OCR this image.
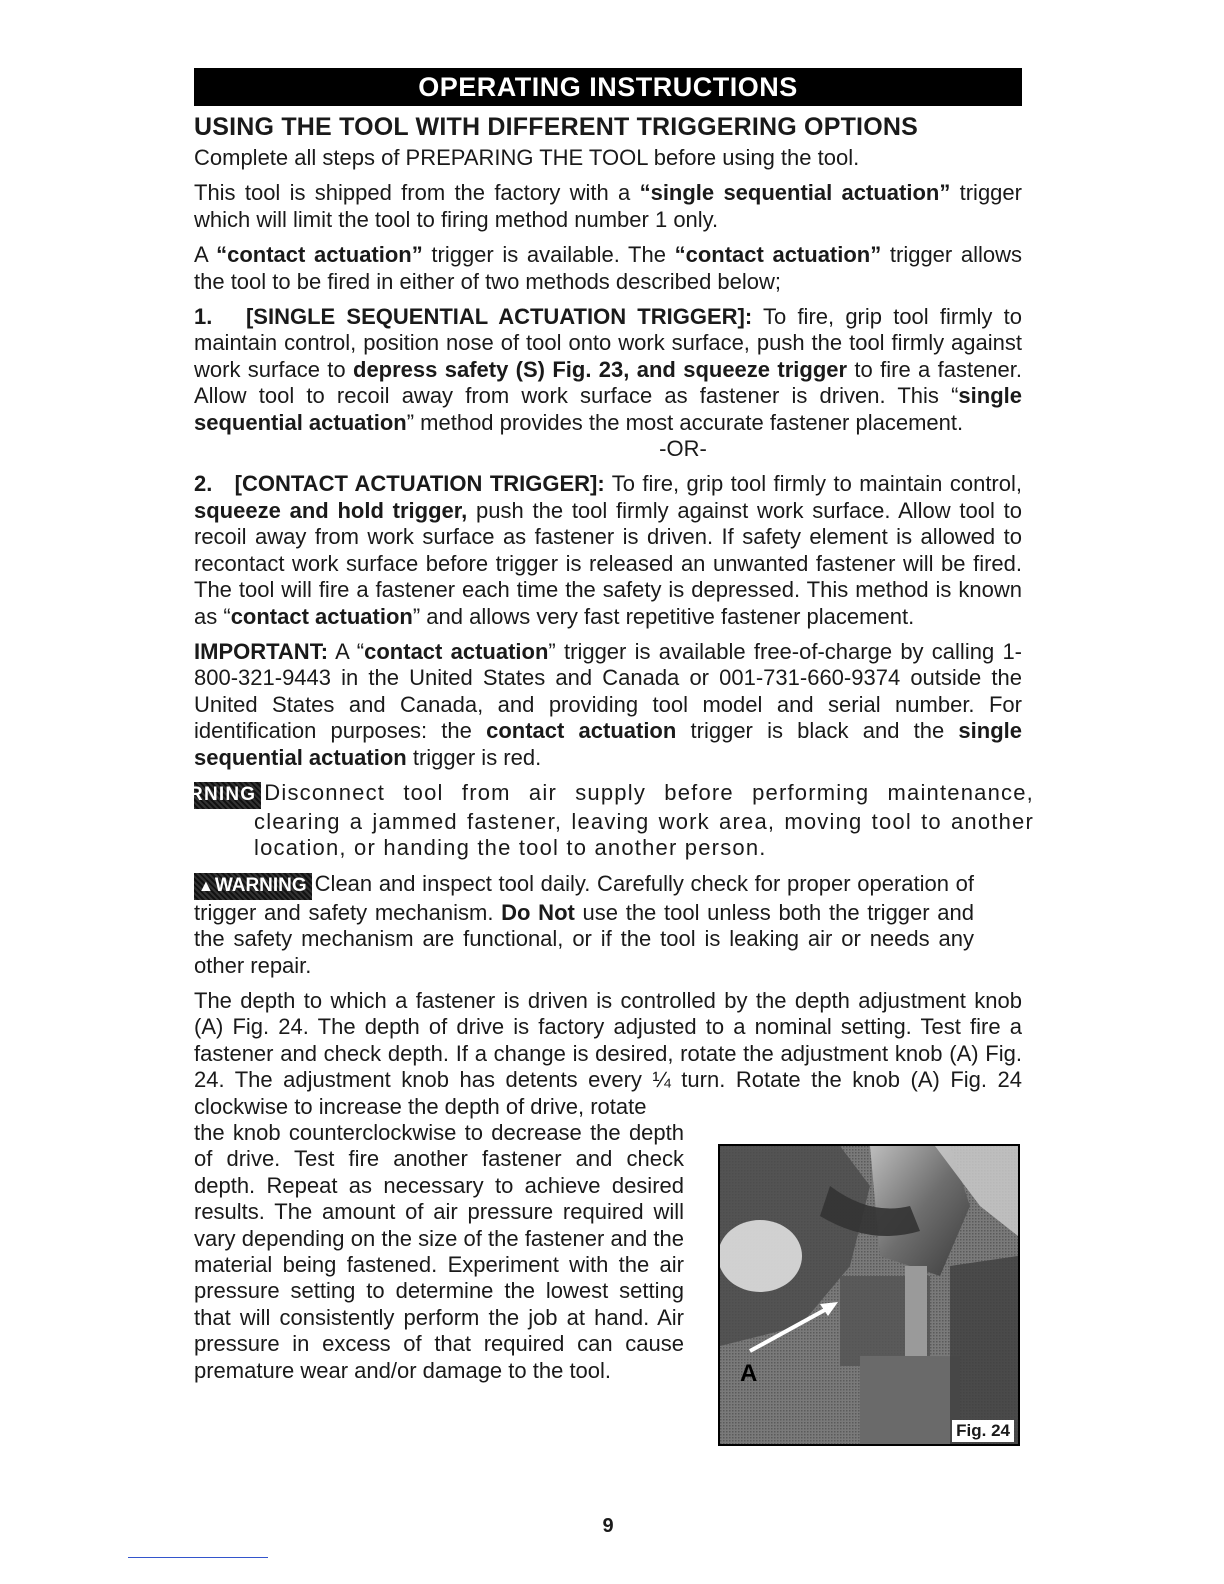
OPERATING INSTRUCTIONS
USING THE TOOL WITH DIFFERENT TRIGGERING OPTIONS

Complete all steps of PREPARING THE TOOL before using the tool.

This tool is shipped from the factory with a “single sequential actuation” trigger which will limit the tool to firing method number 1 only.

A “contact actuation” trigger is available. The “contact actuation” trigger allows the tool to be fired in either of two methods described below;

1. [SINGLE SEQUENTIAL ACTUATION TRIGGER]: To fire, grip tool firmly to maintain control, position nose of tool onto work surface, push the tool firmly against work surface to depress safety (S) Fig. 23, and squeeze trigger to fire a fastener. Allow tool to recoil away from work surface as fastener is driven. This “single sequential actuation” method provides the most accurate fastener placement.

-OR-

2. [CONTACT ACTUATION TRIGGER]: To fire, grip tool firmly to maintain control, squeeze and hold trigger, push the tool firmly against work surface. Allow tool to recoil away from work surface as fastener is driven. If safety element is allowed to recontact work surface before trigger is released an unwanted fastener will be fired. The tool will fire a fastener each time the safety is depressed. This method is known as “contact actuation” and allows very fast repetitive fastener placement.

IMPORTANT: A “contact actuation” trigger is available free-of-charge by calling 1-800-321-9443 in the United States and Canada or 001-731-660-9374 outside the United States and Canada, and providing tool model and serial number. For identification purposes: the contact actuation trigger is black and the single sequential actuation trigger is red.

▲WARNING Disconnect tool from air supply before performing maintenance, clearing a jammed fastener, leaving work area, moving tool to another location, or handing the tool to another person.

▲WARNING Clean and inspect tool daily. Carefully check for proper operation of trigger and safety mechanism. Do Not use the tool unless both the trigger and the safety mechanism are functional, or if the tool is leaking air or needs any other repair.

The depth to which a fastener is driven is controlled by the depth adjustment knob (A) Fig. 24. The depth of drive is factory adjusted to a nominal setting. Test fire a fastener and check depth. If a change is desired, rotate the adjustment knob (A) Fig. 24. The adjustment knob has detents every ¼ turn. Rotate the knob (A) Fig. 24 clockwise to increase the depth of drive, rotate

the knob counterclockwise to decrease the depth of drive. Test fire another fastener and check depth. Repeat as necessary to achieve desired results. The amount of air pressure required will vary depending on the size of the fastener and the material being fastened. Experiment with the air pressure setting to determine the lowest setting that will consistently perform the job at hand. Air pressure in excess of that required can cause premature wear and/or damage to the tool.	A
Fig. 24
9
